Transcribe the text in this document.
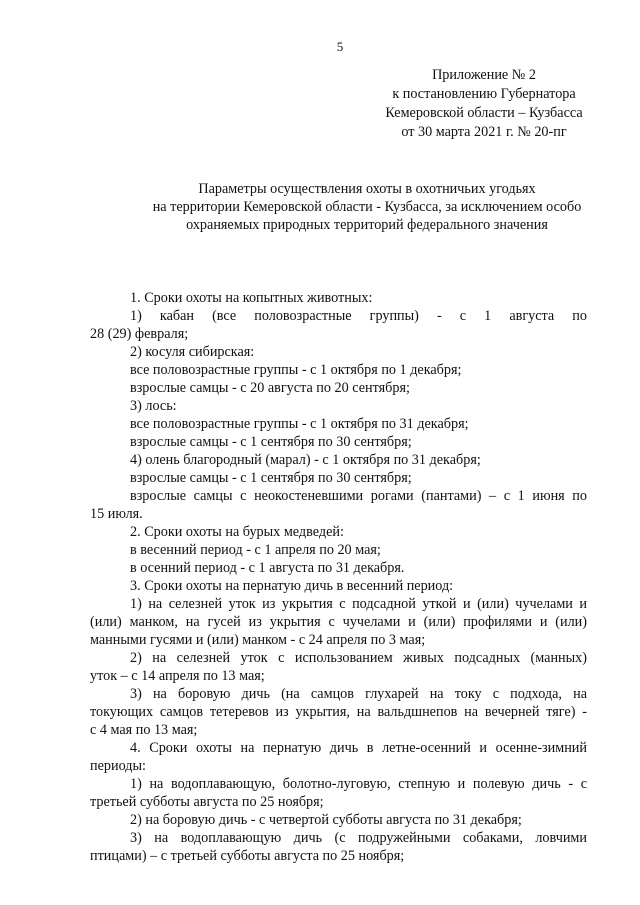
5
Приложение № 2
к постановлению Губернатора
Кемеровской области – Кузбасса
от 30 марта 2021 г. № 20-пг
Параметры осуществления охоты в охотничьих угодьях
на территории Кемеровской области - Кузбасса, за исключением особо
охраняемых природных территорий федерального значения
1. Сроки охоты на копытных животных:
1) кабан (все половозрастные группы) - с 1 августа по
28 (29) февраля;
2) косуля сибирская:
все половозрастные группы - с 1 октября по 1 декабря;
взрослые самцы - с 20 августа по 20 сентября;
3) лось:
все половозрастные группы - с 1 октября по 31 декабря;
взрослые самцы - с 1 сентября по 30 сентября;
4) олень благородный (марал) - с 1 октября по 31 декабря;
взрослые самцы - с 1 сентября по 30 сентября;
взрослые самцы с неокостеневшими рогами (пантами) – с 1 июня по
15 июля.
2. Сроки охоты на бурых медведей:
в весенний период - с 1 апреля по 20 мая;
в осенний период - с 1 августа по 31 декабря.
3. Сроки охоты на пернатую дичь в весенний период:
1) на селезней уток из укрытия с подсадной уткой и (или) чучелами и
(или) манком, на гусей из укрытия с чучелами и (или) профилями и (или)
манными гусями и (или) манком - с 24 апреля по 3 мая;
2) на селезней уток с использованием живых подсадных (манных)
уток – с 14 апреля по 13 мая;
3) на боровую дичь (на самцов глухарей на току с подхода, на
токующих самцов тетеревов из укрытия, на вальдшнепов на вечерней тяге) -
с 4 мая по 13 мая;
4. Сроки охоты на пернатую дичь в летне-осенний и осенне-зимний
периоды:
1) на водоплавающую, болотно-луговую, степную и полевую дичь - с
третьей субботы августа по 25 ноября;
2) на боровую дичь - с четвертой субботы августа по 31 декабря;
3) на водоплавающую дичь (с подружейными собаками, ловчими
птицами) – с третьей субботы августа по 25 ноября;
